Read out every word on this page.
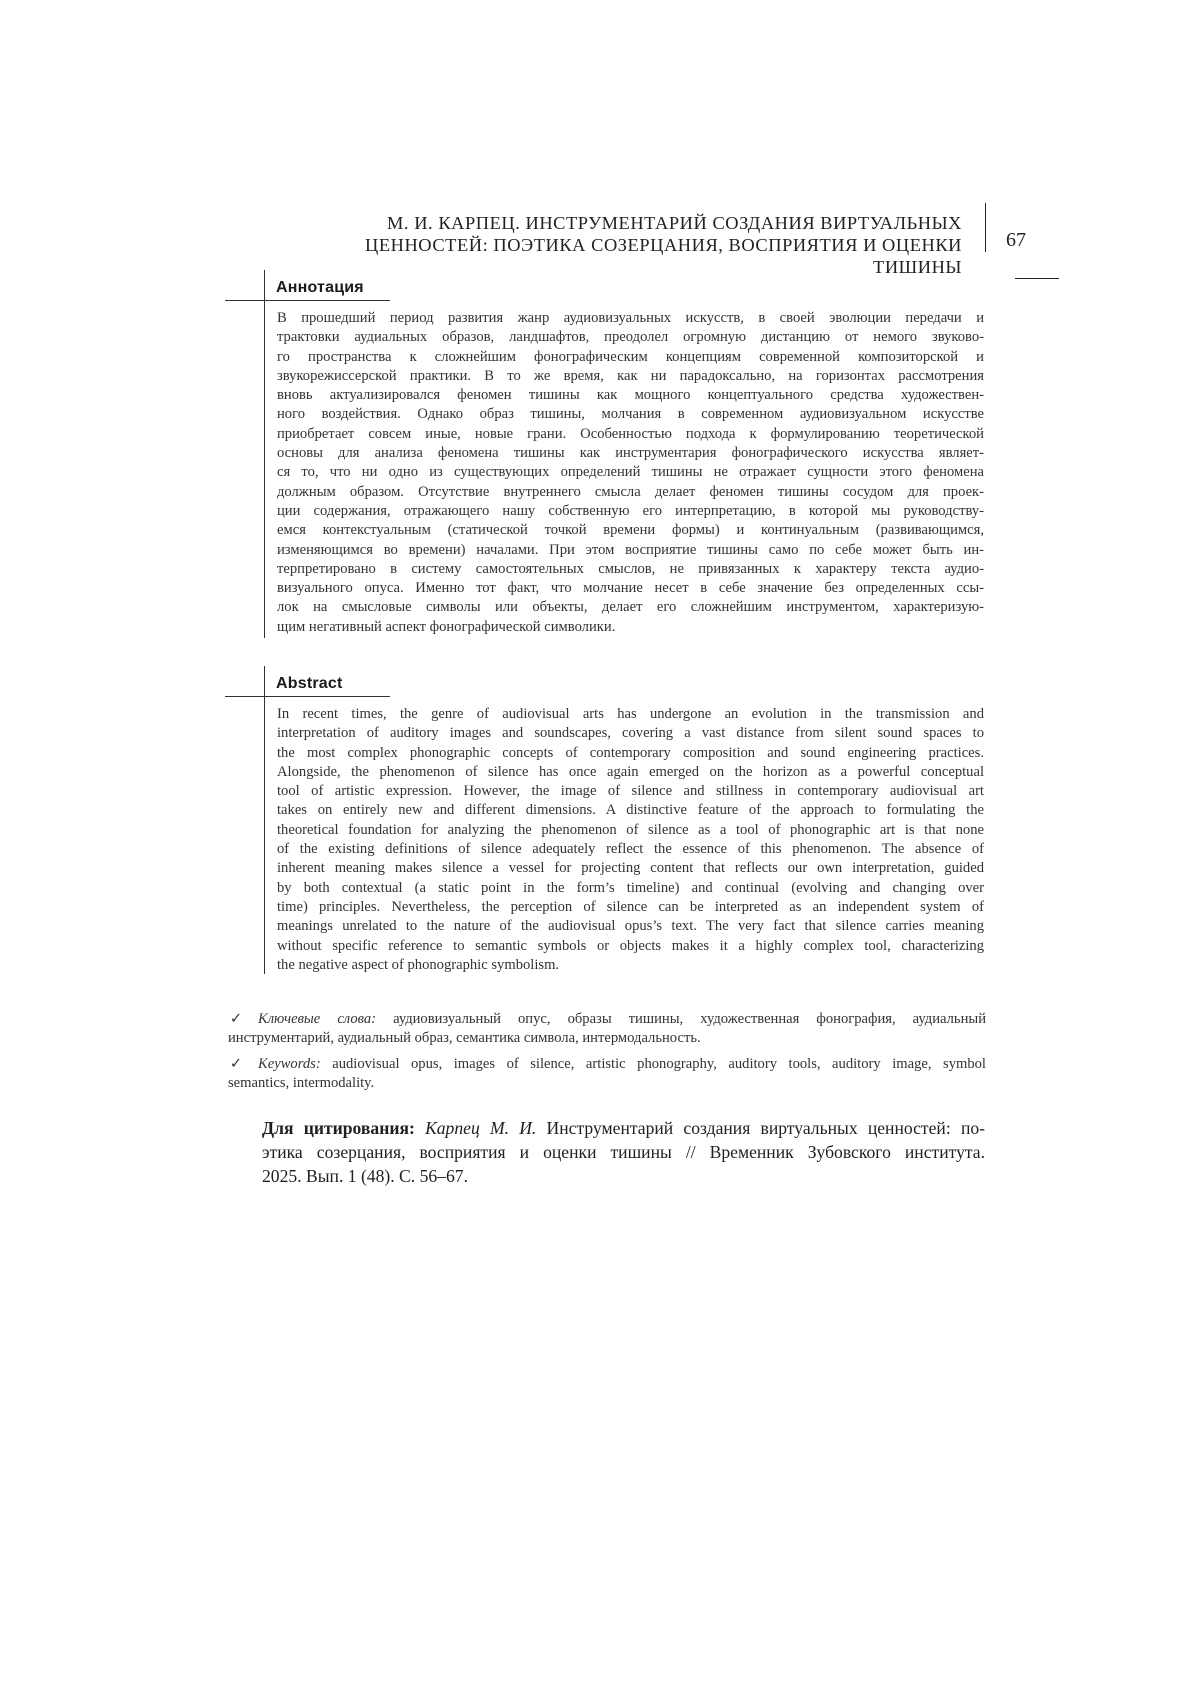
М. И. КАРПЕЦ. ИНСТРУМЕНТАРИЙ СОЗДАНИЯ ВИРТУАЛЬНЫХ
ЦЕННОСТЕЙ: ПОЭТИКА СОЗЕРЦАНИЯ, ВОСПРИЯТИЯ И ОЦЕНКИ ТИШИНЫ
67
Аннотация

В прошедший период развития жанр аудиовизуальных искусств, в своей эволюции передачи и

трактовки аудиальных образов, ландшафтов, преодолел огромную дистанцию от немого звуково-

го пространства к сложнейшим фонографическим концепциям современной композиторской и

звукорежиссерской практики. В то же время, как ни парадоксально, на горизонтах рассмотрения

вновь актуализировался феномен тишины как мощного концептуального средства художествен-

ного воздействия. Однако образ тишины, молчания в современном аудиовизуальном искусстве

приобретает совсем иные, новые грани. Особенностью подхода к формулированию теоретической

основы для анализа феномена тишины как инструментария фонографического искусства являет-

ся то, что ни одно из существующих определений тишины не отражает сущности этого феномена

должным образом. Отсутствие внутреннего смысла делает феномен тишины сосудом для проек-

ции содержания, отражающего нашу собственную его интерпретацию, в которой мы руководству-

емся контекстуальным (статической точкой времени формы) и континуальным (развивающимся,

изменяющимся во времени) началами. При этом восприятие тишины само по себе может быть ин-

терпретировано в систему самостоятельных смыслов, не привязанных к характеру текста аудио-

визуального опуса. Именно тот факт, что молчание несет в себе значение без определенных ссы-

лок на смысловые символы или объекты, делает его сложнейшим инструментом, характеризую-

щим негативный аспект фонографической символики.

Abstract

In recent times, the genre of audiovisual arts has undergone an evolution in the transmission and

interpretation of auditory images and soundscapes, covering a vast distance from silent sound spaces to

the most complex phonographic concepts of contemporary composition and sound engineering practices.

Alongside, the phenomenon of silence has once again emerged on the horizon as a powerful conceptual

tool of artistic expression. However, the image of silence and stillness in contemporary audiovisual art

takes on entirely new and different dimensions. A distinctive feature of the approach to formulating the

theoretical foundation for analyzing the phenomenon of silence as a tool of phonographic art is that none

of the existing definitions of silence adequately reflect the essence of this phenomenon. The absence of

inherent meaning makes silence a vessel for projecting content that reflects our own interpretation, guided

by both contextual (a static point in the form’s timeline) and continual (evolving and changing over

time) principles. Nevertheless, the perception of silence can be interpreted as an independent system of

meanings unrelated to the nature of the audiovisual opus’s text. The very fact that silence carries meaning

without specific reference to semantic symbols or objects makes it a highly complex tool, characterizing

the negative aspect of phonographic symbolism.

✓ Ключевые слова: аудиовизуальный опус, образы тишины, художественная фонография, аудиальный

инструментарий, аудиальный образ, семантика символа, интермодальность.

✓ Keywords: audiovisual opus, images of silence, artistic phonography, auditory tools, auditory image, symbol

semantics, intermodality.

Для цитирования: Карпец М. И. Инструментарий создания виртуальных ценностей: по-

этика созерцания, восприятия и оценки тишины // Временник Зубовского института.

2025. Вып. 1 (48). С. 56–67.
